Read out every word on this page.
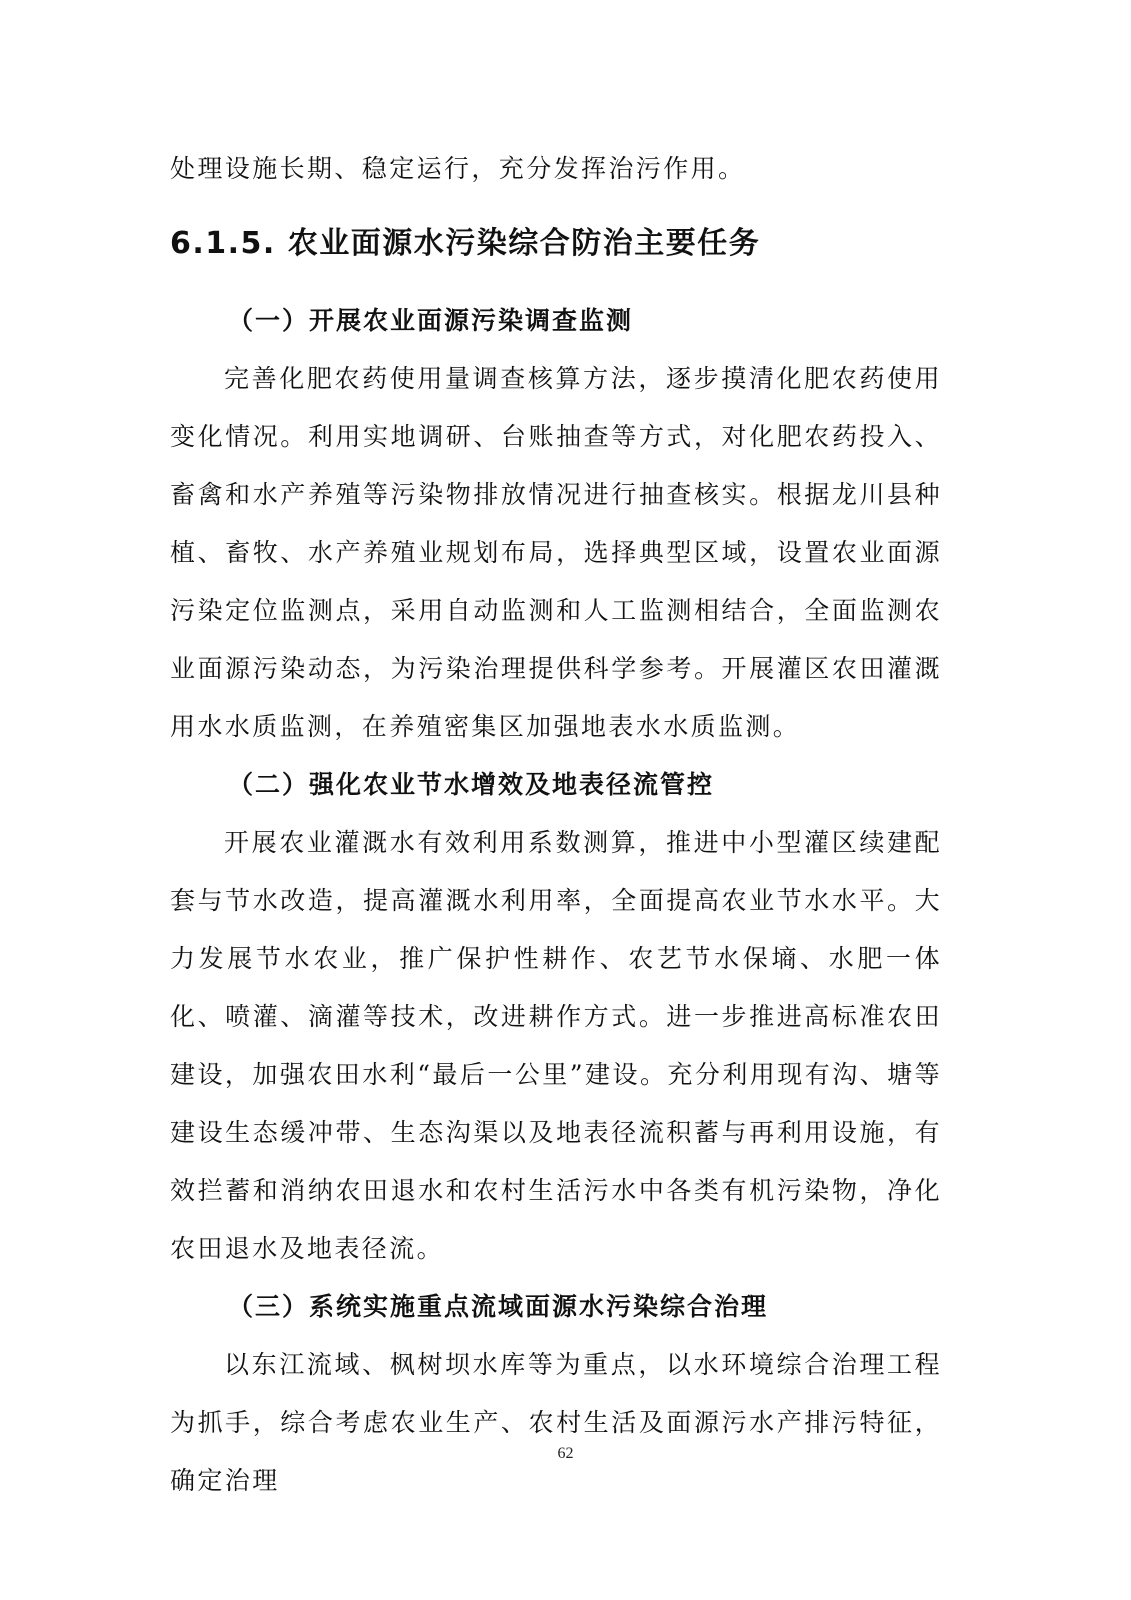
处理设施长期、稳定运行，充分发挥治污作用。

6.1.5. 农业面源水污染综合防治主要任务
（一）开展农业面源污染调查监测

完善化肥农药使用量调查核算方法，逐步摸清化肥农药使用变化情况。利用实地调研、台账抽查等方式，对化肥农药投入、畜禽和水产养殖等污染物排放情况进行抽查核实。根据龙川县种植、畜牧、水产养殖业规划布局，选择典型区域，设置农业面源污染定位监测点，采用自动监测和人工监测相结合，全面监测农业面源污染动态，为污染治理提供科学参考。开展灌区农田灌溉用水水质监测，在养殖密集区加强地表水水质监测。

（二）强化农业节水增效及地表径流管控

开展农业灌溉水有效利用系数测算，推进中小型灌区续建配套与节水改造，提高灌溉水利用率，全面提高农业节水水平。大力发展节水农业，推广保护性耕作、农艺节水保墒、水肥一体化、喷灌、滴灌等技术，改进耕作方式。进一步推进高标准农田建设，加强农田水利“最后一公里”建设。充分利用现有沟、塘等建设生态缓冲带、生态沟渠以及地表径流积蓄与再利用设施，有效拦蓄和消纳农田退水和农村生活污水中各类有机污染物，净化农田退水及地表径流。

（三）系统实施重点流域面源水污染综合治理

以东江流域、枫树坝水库等为重点，以水环境综合治理工程为抓手，综合考虑农业生产、农村生活及面源污水产排污特征，确定治理

62
